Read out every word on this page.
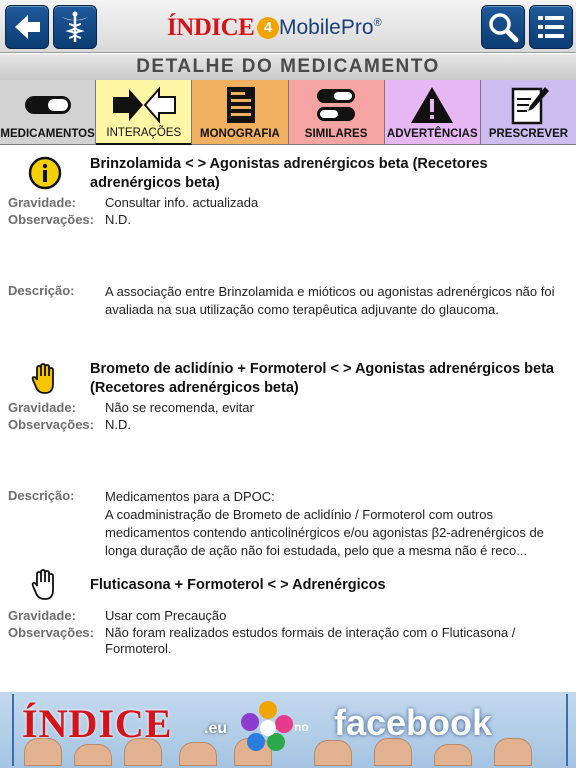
ÍNDICE 4 MobilePro®
DETALHE DO MEDICAMENTO
MEDICAMENTOS	INTERAÇÕES	MONOGRAFIA	SIMILARES	ADVERTÊNCIAS PRESCREVER
Brinzolamida < > Agonistas adrenérgicos beta (Recetores adrenérgicos beta)
Gravidade: Consultar info. actualizada
Observações: N.D.
Descrição: A associação entre Brinzolamida e mióticos ou agonistas adrenérgicos não foi avaliada na sua utilização como terapêutica adjuvante do glaucoma.
Brometo de aclidínio + Formoterol < > Agonistas adrenérgicos beta (Recetores adrenérgicos beta)
Gravidade: Não se recomenda, evitar
Observações: N.D.
Descrição: Medicamentos para a DPOC:
A coadministração de Brometo de aclidínio / Formoterol com outros medicamentos contendo anticolinérgicos e/ou agonistas β2-adrenérgicos de longa duração de ação não foi estudada, pelo que a mesma não é reco...
Fluticasona + Formoterol < > Adrenérgicos
Gravidade: Usar com Precaução
Observações: Não foram realizados estudos formais de interação com o Fluticasona / Formoterol.
ÍNDICE .eu	no facebook
